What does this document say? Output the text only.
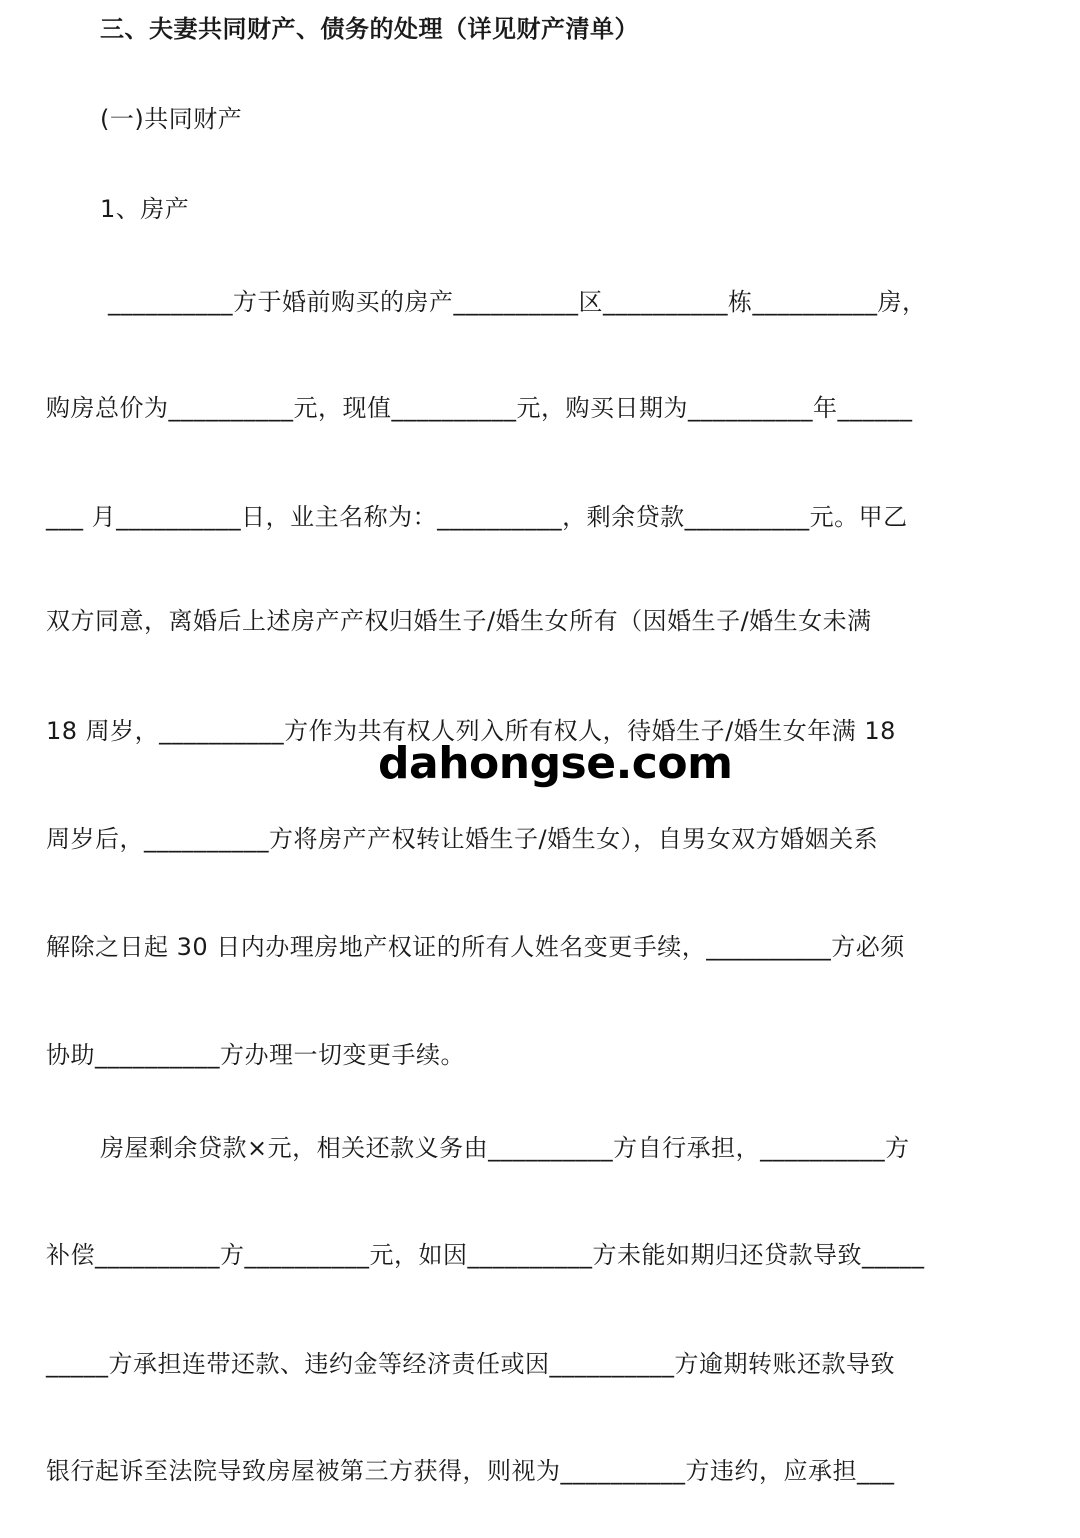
三、夫妻共同财产、债务的处理（详见财产清单）
(一)共同财产
1、房产
__________方于婚前购买的房产__________区__________栋__________房，
购房总价为__________元，现值__________元，购买日期为__________年______
___ 月__________日，业主名称为：__________，剩余贷款__________元。甲乙
双方同意，离婚后上述房产产权归婚生子/婚生女所有（因婚生子/婚生女未满
18 周岁，__________方作为共有权人列入所有权人，待婚生子/婚生女年满 18
周岁后，__________方将房产产权转让婚生子/婚生女），自男女双方婚姻关系
解除之日起 30 日内办理房地产权证的所有人姓名变更手续，__________方必须
协助__________方办理一切变更手续。
房屋剩余贷款×元，相关还款义务由__________方自行承担，__________方
补偿__________方__________元，如因__________方未能如期归还贷款导致_____
_____方承担连带还款、违约金等经济责任或因__________方逾期转账还款导致
银行起诉至法院导致房屋被第三方获得，则视为__________方违约，应承担___
dahongse.com
